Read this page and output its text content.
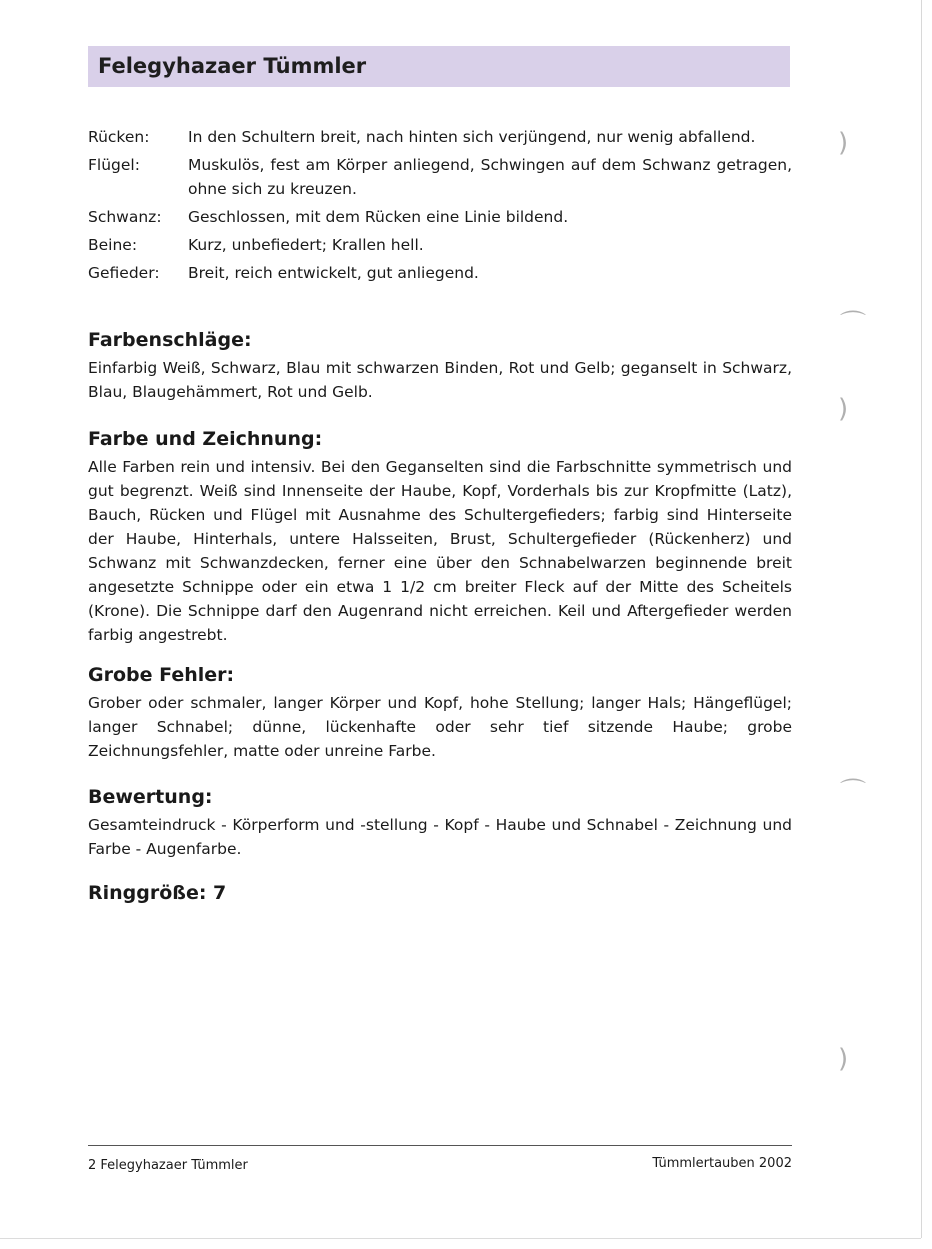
Felegyhazaer Tümmler
Rücken:	In den Schultern breit, nach hinten sich verjüngend, nur wenig abfallend.
Flügel:	Muskulös, fest am Körper anliegend, Schwingen auf dem Schwanz getragen, ohne sich zu kreuzen.
Schwanz:	Geschlossen, mit dem Rücken eine Linie bildend.
Beine:	Kurz, unbefiedert; Krallen hell.
Gefieder:	Breit, reich entwickelt, gut anliegend.
Farbenschläge:
Einfarbig Weiß, Schwarz, Blau mit schwarzen Binden, Rot und Gelb; geganselt in Schwarz, Blau, Blaugehämmert, Rot und Gelb.
Farbe und Zeichnung:
Alle Farben rein und intensiv. Bei den Geganselten sind die Farbschnitte symmetrisch und gut begrenzt. Weiß sind Innenseite der Haube, Kopf, Vorderhals bis zur Kropfmitte (Latz), Bauch, Rücken und Flügel mit Ausnahme des Schultergefieders; farbig sind Hinterseite der Haube, Hinterhals, untere Halsseiten, Brust, Schultergefieder (Rückenherz) und Schwanz mit Schwanzdecken, ferner eine über den Schnabelwarzen beginnende breit angesetzte Schnippe oder ein etwa 1 1/2 cm breiter Fleck auf der Mitte des Scheitels (Krone). Die Schnippe darf den Augenrand nicht erreichen. Keil und Aftergefieder werden farbig angestrebt.
Grobe Fehler:
Grober oder schmaler, langer Körper und Kopf, hohe Stellung; langer Hals; Hängeflügel; langer Schnabel; dünne, lückenhafte oder sehr tief sitzende Haube; grobe Zeichnungsfehler, matte oder unreine Farbe.
Bewertung:
Gesamteindruck - Körperform und -stellung - Kopf - Haube und Schnabel - Zeichnung und Farbe - Augenfarbe.
Ringgröße: 7
2 Felegyhazaer Tümmler	Tümmlertauben 2002
)
⌒
)
⌒
)
